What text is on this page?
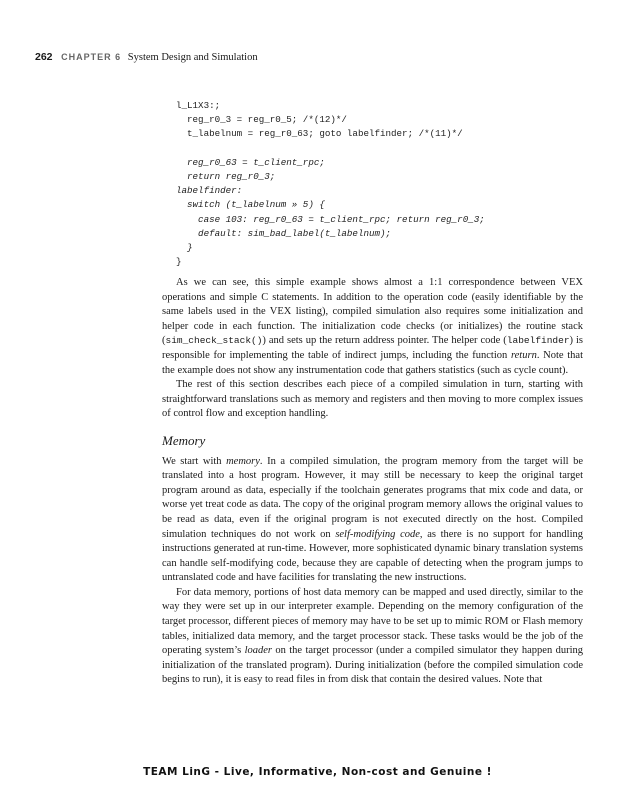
262 CHAPTER 6 System Design and Simulation
l_L1X3:;
reg_r0_3 = reg_r0_5; /*(12)*/
t_labelnum = reg_r0_63; goto labelfinder; /*(11)*/
reg_r0_63 = t_client_rpc;
return reg_r0_3;
labelfinder:
switch (t_labelnum » 5) {
case 103: reg_r0_63 = t_client_rpc; return reg_r0_3;
default: sim_bad_label(t_labelnum);
}
}

As we can see, this simple example shows almost a 1:1 correspondence between VEX operations and simple C statements. In addition to the operation code (easily identifiable by the same labels used in the VEX listing), compiled simulation also requires some initialization and helper code in each function. The initialization code checks (or initializes) the routine stack (sim_check_stack()) and sets up the return address pointer. The helper code (labelfinder) is responsible for implementing the table of indirect jumps, including the function return. Note that the example does not show any instrumentation code that gathers statistics (such as cycle count).

The rest of this section describes each piece of a compiled simulation in turn, starting with straightforward translations such as memory and registers and then moving to more complex issues of control flow and exception handling.

Memory

We start with memory. In a compiled simulation, the program memory from the target will be translated into a host program. However, it may still be necessary to keep the original target program around as data, especially if the toolchain generates programs that mix code and data, or worse yet treat code as data. The copy of the original program memory allows the original values to be read as data, even if the original program is not executed directly on the host. Compiled simulation techniques do not work on self-modifying code, as there is no support for handling instructions generated at run-time. However, more sophisticated dynamic binary translation systems can handle self-modifying code, because they are capable of detecting when the program jumps to untranslated code and have facilities for translating the new instructions.

For data memory, portions of host data memory can be mapped and used directly, similar to the way they were set up in our interpreter example. Depending on the memory configuration of the target processor, different pieces of memory may have to be set up to mimic ROM or Flash memory tables, initialized data memory, and the target processor stack. These tasks would be the job of the operating system’s loader on the target processor (under a compiled simulator they happen during initialization of the translated program). During initialization (before the compiled simulation code begins to run), it is easy to read files in from disk that contain the desired values. Note that

TEAM LinG - Live, Informative, Non-cost and Genuine !
